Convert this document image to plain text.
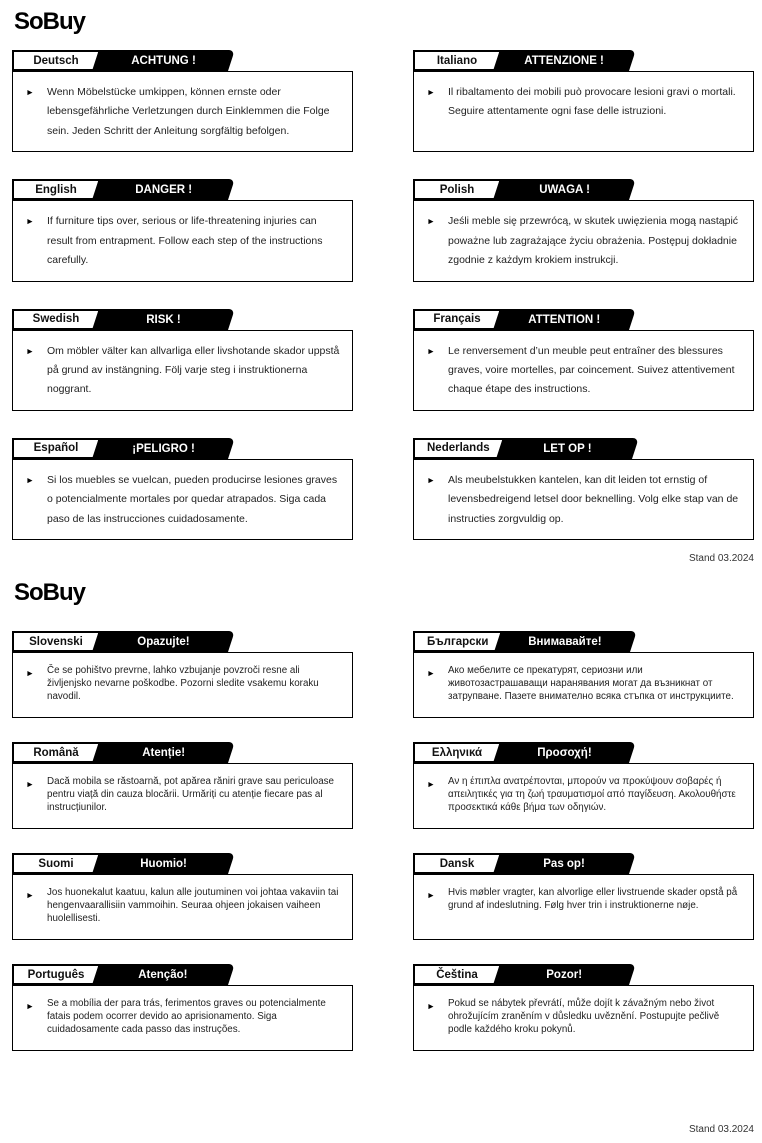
SoBuy
Deutsch	ACHTUNG !
►	Wenn Möbelstücke umkippen, können ernste oder lebensgefährliche Verletzungen durch Einklemmen die Folge sein. Jeden Schritt der Anleitung sorgfältig befolgen.

Italiano	ATTENZIONE !
►	Il ribaltamento dei mobili può provocare lesioni gravi o mortali. Seguire attentamente ogni fase delle istruzioni.

English	DANGER !
►	If furniture tips over, serious or life-threatening injuries can result from entrapment. Follow each step of the instructions carefully.

Polish	UWAGA !
►	Jeśli meble się przewrócą, w skutek uwięzienia mogą nastąpić poważne lub zagrażające życiu obrażenia. Postępuj dokładnie zgodnie z każdym krokiem instrukcji.

Swedish	RISK !
►	Om möbler välter kan allvarliga eller livshotande skador uppstå på grund av instängning. Följ varje steg i instruktionerna noggrant.

Français	ATTENTION !
►	Le renversement d’un meuble peut entraîner des blessures graves, voire mortelles, par coincement. Suivez attentivement chaque étape des instructions.

Español	¡PELIGRO !
►	Si los muebles se vuelcan, pueden producirse lesiones graves o potencialmente mortales por quedar atrapados. Siga cada paso de las instrucciones cuidadosamente.

Nederlands	LET OP !
►	Als meubelstukken kantelen, kan dit leiden tot ernstig of levensbedreigend letsel door beknelling. Volg elke stap van de instructies zorgvuldig op.

Stand 03.2024
SoBuy
Slovenski	Opazujte!
►	Če se pohištvo prevrne, lahko vzbujanje povzroči resne ali življenjsko nevarne poškodbe. Pozorni sledite vsakemu koraku navodil.

Български	Внимавайте!
►	Ако мебелите се прекатурят, сериозни или животозастрашаващи наранявания могат да възникнат от затрупване. Пазете внимателно всяка стъпка от инструкциите.

Română	Atenție!
►	Dacă mobila se răstoarnă, pot apărea răniri grave sau periculoase pentru viață din cauza blocării. Urmăriți cu atenție fiecare pas al instrucțiunilor.

Ελληνικά	Προσοχή!
►	Αν η έπιπλα ανατρέπονται, μπορούν να προκύψουν σοβαρές ή απειλητικές για τη ζωή τραυματισμοί από παγίδευση. Ακολουθήστε προσεκτικά κάθε βήμα των οδηγιών.

Suomi	Huomio!
►	Jos huonekalut kaatuu, kalun alle joutuminen voi johtaa vakaviin tai hengenvaarallisiin vammoihin. Seuraa ohjeen jokaisen vaiheen huolellisesti.

Dansk	Pas op!
►	Hvis møbler vragter, kan alvorlige eller livstruende skader opstå på grund af indeslutning. Følg hver trin i instruktionerne nøje.

Português	Atenção!
►	Se a mobília der para trás, ferimentos graves ou potencialmente fatais podem ocorrer devido ao aprisionamento. Siga cuidadosamente cada passo das instruções.

Čeština	Pozor!
►	Pokud se nábytek převrátí, může dojít k závažným nebo život ohrožujícím zraněním v důsledku uvěznění. Postupujte pečlivě podle každého kroku pokynů.

Stand 03.2024
